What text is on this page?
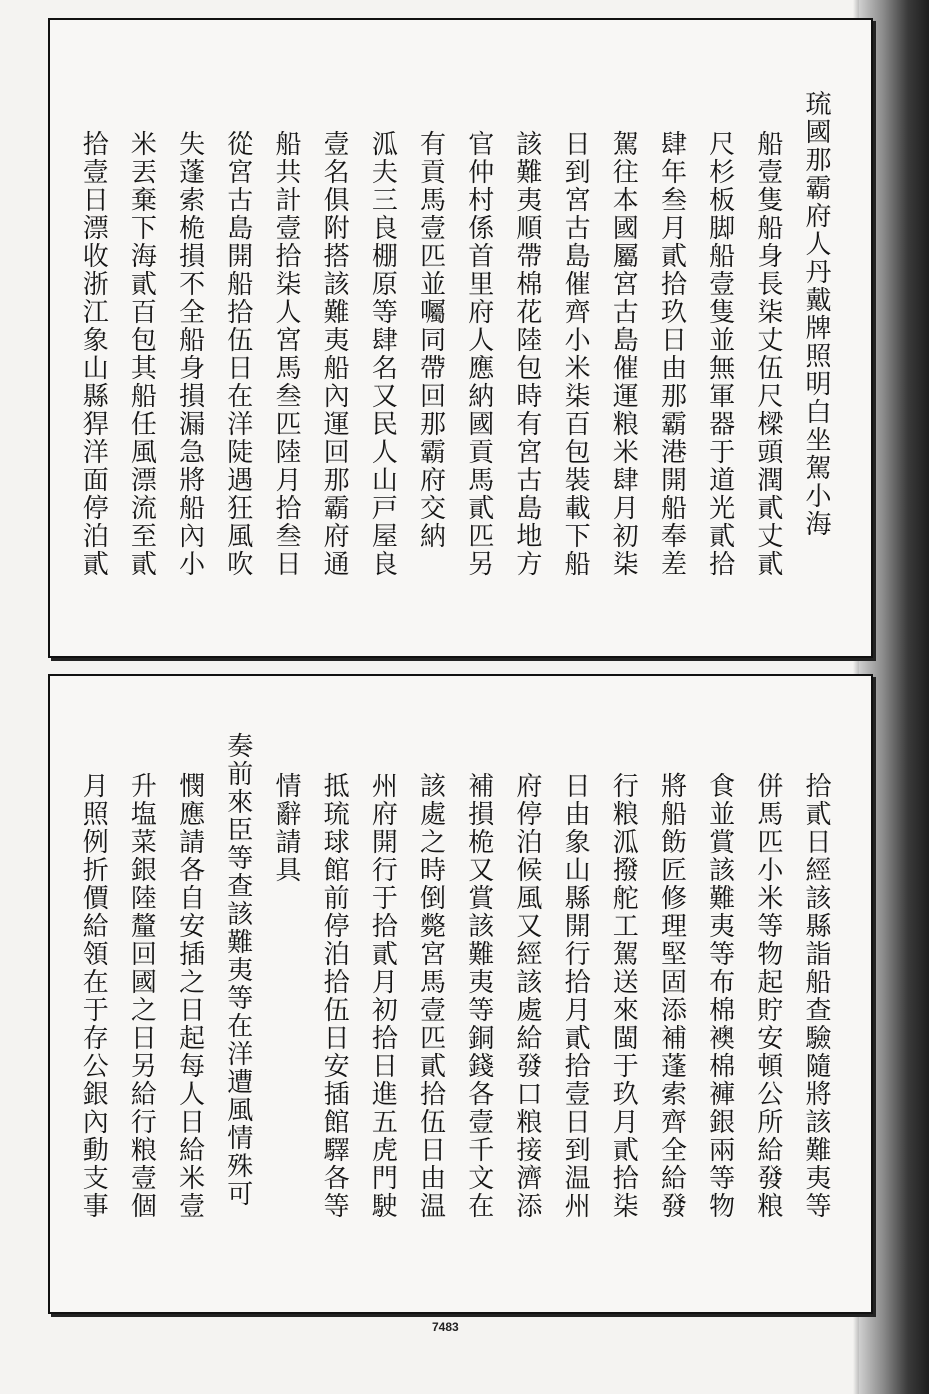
琉國那霸府人丹戴牌照明白坐駕小海
船壹隻船身長柒丈伍尺樑頭潤貳丈貳
尺杉板脚船壹隻並無軍器于道光貳拾
肆年叁月貳拾玖日由那霸港開船奉差
駕往本國屬宮古島催運粮米肆月初柒
日到宮古島催齊小米柒百包裝載下船
該難夷順帶棉花陸包時有宮古島地方
官仲村係首里府人應納國貢馬貳匹另
有貢馬壹匹並囑同帶回那霸府交納
泒夫三良棚原等肆名又民人山戸屋良
壹名俱附搭該難夷船內運回那霸府通
船共計壹拾柒人宮馬叁匹陸月拾叁日
從宮古島開船拾伍日在洋陡遇狂風吹
失蓬索桅損不全船身損漏急將船內小
米丟棄下海貳百包其船任風漂流至貳
拾壹日漂收浙江象山縣猂洋面停泊貳
拾貳日經該縣詣船查驗隨將該難夷等
併馬匹小米等物起貯安頓公所給發粮
食並賞該難夷等布棉襖棉褲銀兩等物
將船飭匠修理堅固添補蓬索齊全給發
行粮泒撥舵工駕送來閩于玖月貳拾柒
日由象山縣開行拾月貳拾壹日到温州
府停泊候風又經該處給發口粮接濟添
補損桅又賞該難夷等銅錢各壹千文在
該處之時倒斃宮馬壹匹貳拾伍日由温
州府開行于拾貳月初拾日進五虎門駛
抵琉球館前停泊拾伍日安插館驛各等
情辭請具
奏前來臣等查該難夷等在洋遭風情殊可
憫應請各自安插之日起每人日給米壹
升塩菜銀陸釐回國之日另給行粮壹個
月照例折價給領在于存公銀內動支事
7483
